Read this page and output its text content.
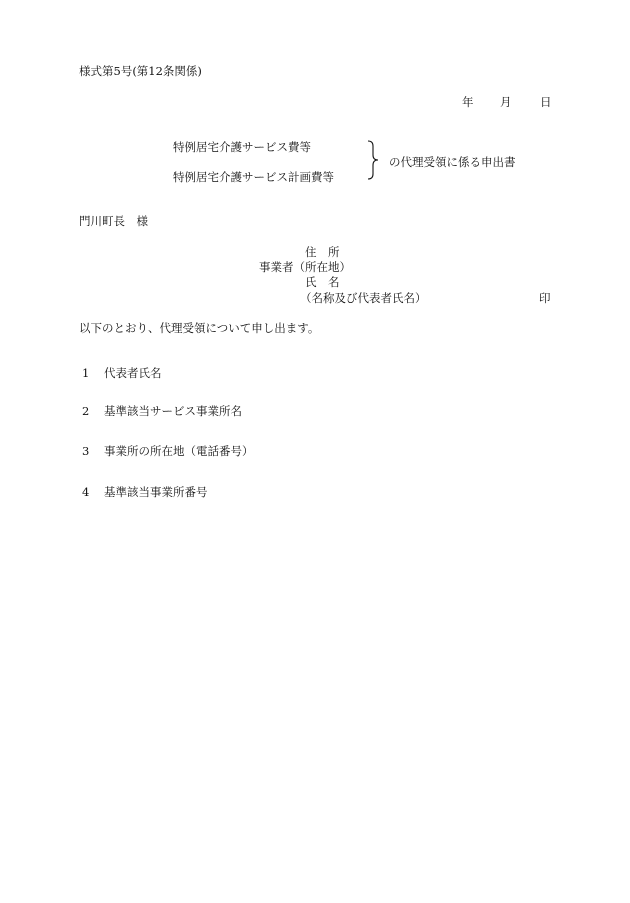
様式第5号(第12条関係)
年 月 日
特例居宅介護サービス費等
特例居宅介護サービス計画費等
の代理受領に係る申出書
門川町長　様
住　所
事業者（所在地）
氏　名
（名称及び代表者氏名）	印
以下のとおり、代理受領について申し出ます。
1 代表者氏名
2 基準該当サービス事業所名
3 事業所の所在地（電話番号）
4 基準該当事業所番号
